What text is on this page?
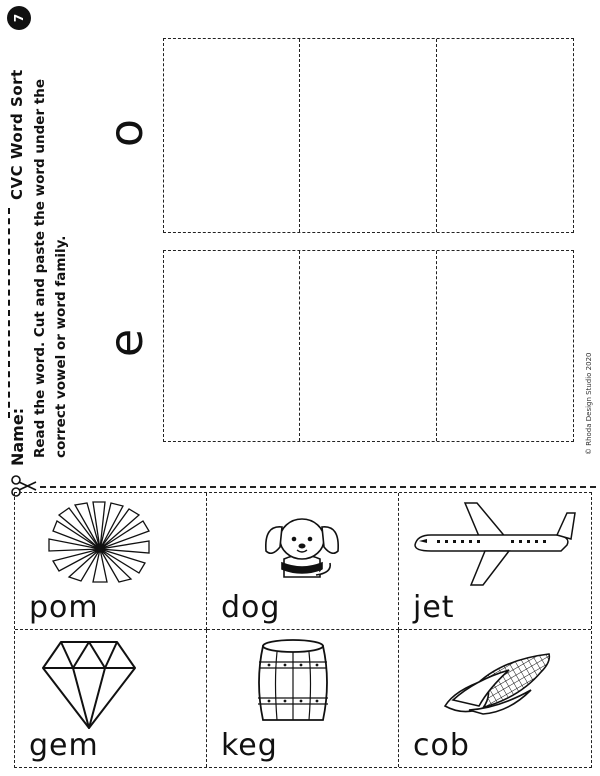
7
CVC Word Sort
Name: Read the word. Cut and paste the word under the correct vowel or word family.	© Rhoda Design Studio 2020
o
e
pom	dog	jet
gem	keg	cob
